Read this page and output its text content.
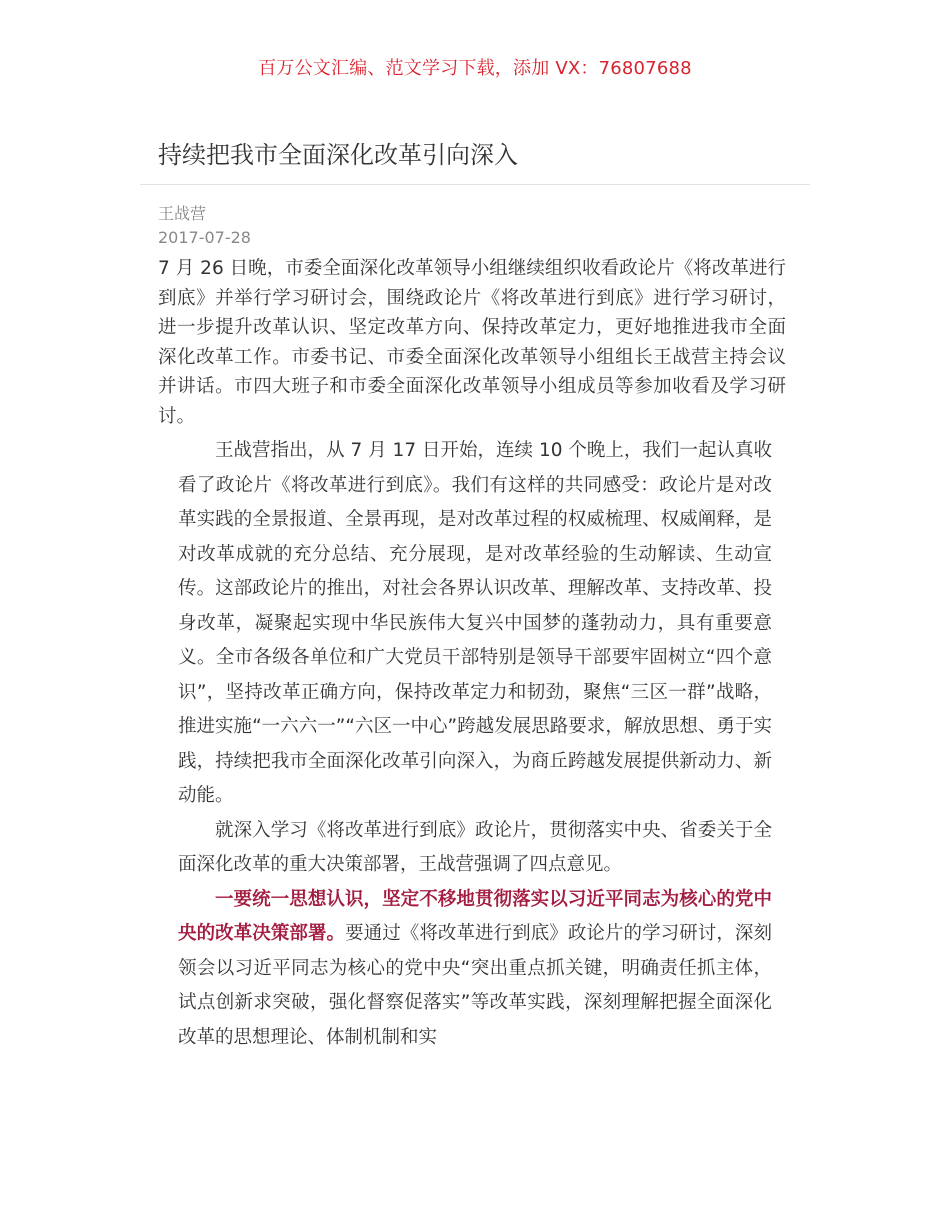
百万公文汇编、范文学习下载，添加 VX：76807688
持续把我市全面深化改革引向深入
王战营
2017-07-28

7 月 26 日晚，市委全面深化改革领导小组继续组织收看政论片《将改革进行到底》并举行学习研讨会，围绕政论片《将改革进行到底》进行学习研讨，进一步提升改革认识、坚定改革方向、保持改革定力，更好地推进我市全面深化改革工作。市委书记、市委全面深化改革领导小组组长王战营主持会议并讲话。市四大班子和市委全面深化改革领导小组成员等参加收看及学习研讨。

王战营指出，从 7 月 17 日开始，连续 10 个晚上，我们一起认真收看了政论片《将改革进行到底》。我们有这样的共同感受：政论片是对改革实践的全景报道、全景再现，是对改革过程的权威梳理、权威阐释，是对改革成就的充分总结、充分展现，是对改革经验的生动解读、生动宣传。这部政论片的推出，对社会各界认识改革、理解改革、支持改革、投身改革，凝聚起实现中华民族伟大复兴中国梦的蓬勃动力，具有重要意义。全市各级各单位和广大党员干部特别是领导干部要牢固树立“四个意识”，坚持改革正确方向，保持改革定力和韧劲，聚焦“三区一群”战略，推进实施“一六六一”“六区一中心”跨越发展思路要求，解放思想、勇于实践，持续把我市全面深化改革引向深入，为商丘跨越发展提供新动力、新动能。

就深入学习《将改革进行到底》政论片，贯彻落实中央、省委关于全面深化改革的重大决策部署，王战营强调了四点意见。

一要统一思想认识，坚定不移地贯彻落实以习近平同志为核心的党中央的改革决策部署。要通过《将改革进行到底》政论片的学习研讨，深刻领会以习近平同志为核心的党中央“突出重点抓关键，明确责任抓主体，试点创新求突破，强化督察促落实”等改革实践，深刻理解把握全面深化改革的思想理论、体制机制和实
